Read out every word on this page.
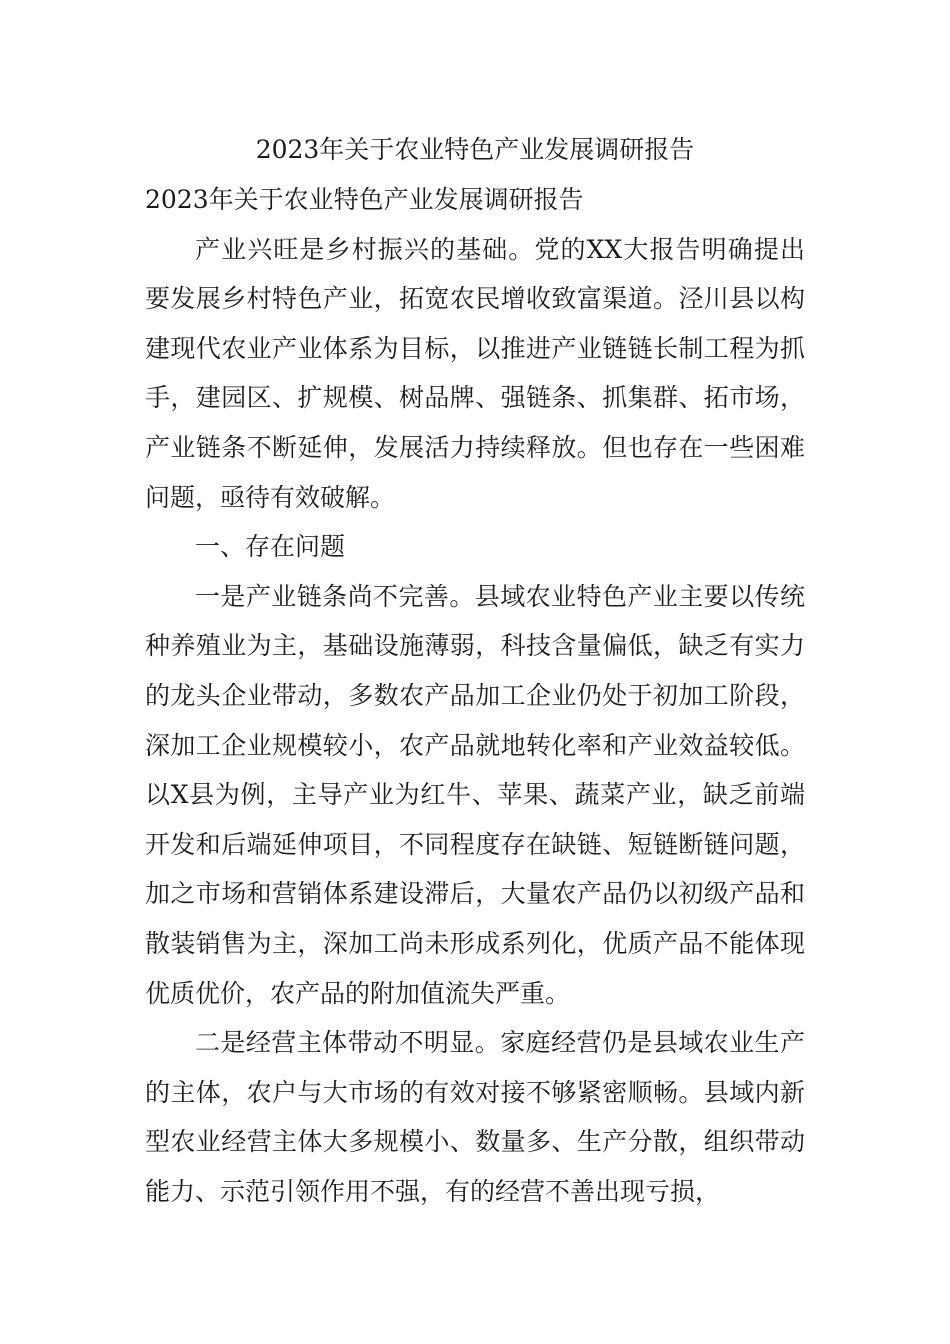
2023年关于农业特色产业发展调研报告

2023年关于农业特色产业发展调研报告

产业兴旺是乡村振兴的基础。党的XX大报告明确提出要发展乡村特色产业，拓宽农民增收致富渠道。泾川县以构建现代农业产业体系为目标，以推进产业链链长制工程为抓手，建园区、扩规模、树品牌、强链条、抓集群、拓市场，产业链条不断延伸，发展活力持续释放。但也存在一些困难问题，亟待有效破解。

一、存在问题

一是产业链条尚不完善。县域农业特色产业主要以传统种养殖业为主，基础设施薄弱，科技含量偏低，缺乏有实力的龙头企业带动，多数农产品加工企业仍处于初加工阶段，深加工企业规模较小，农产品就地转化率和产业效益较低。以X县为例，主导产业为红牛、苹果、蔬菜产业，缺乏前端开发和后端延伸项目，不同程度存在缺链、短链断链问题，加之市场和营销体系建设滞后，大量农产品仍以初级产品和散装销售为主，深加工尚未形成系列化，优质产品不能体现优质优价，农产品的附加值流失严重。

二是经营主体带动不明显。家庭经营仍是县域农业生产的主体，农户与大市场的有效对接不够紧密顺畅。县域内新型农业经营主体大多规模小、数量多、生产分散，组织带动能力、示范引领作用不强，有的经营不善出现亏损，
